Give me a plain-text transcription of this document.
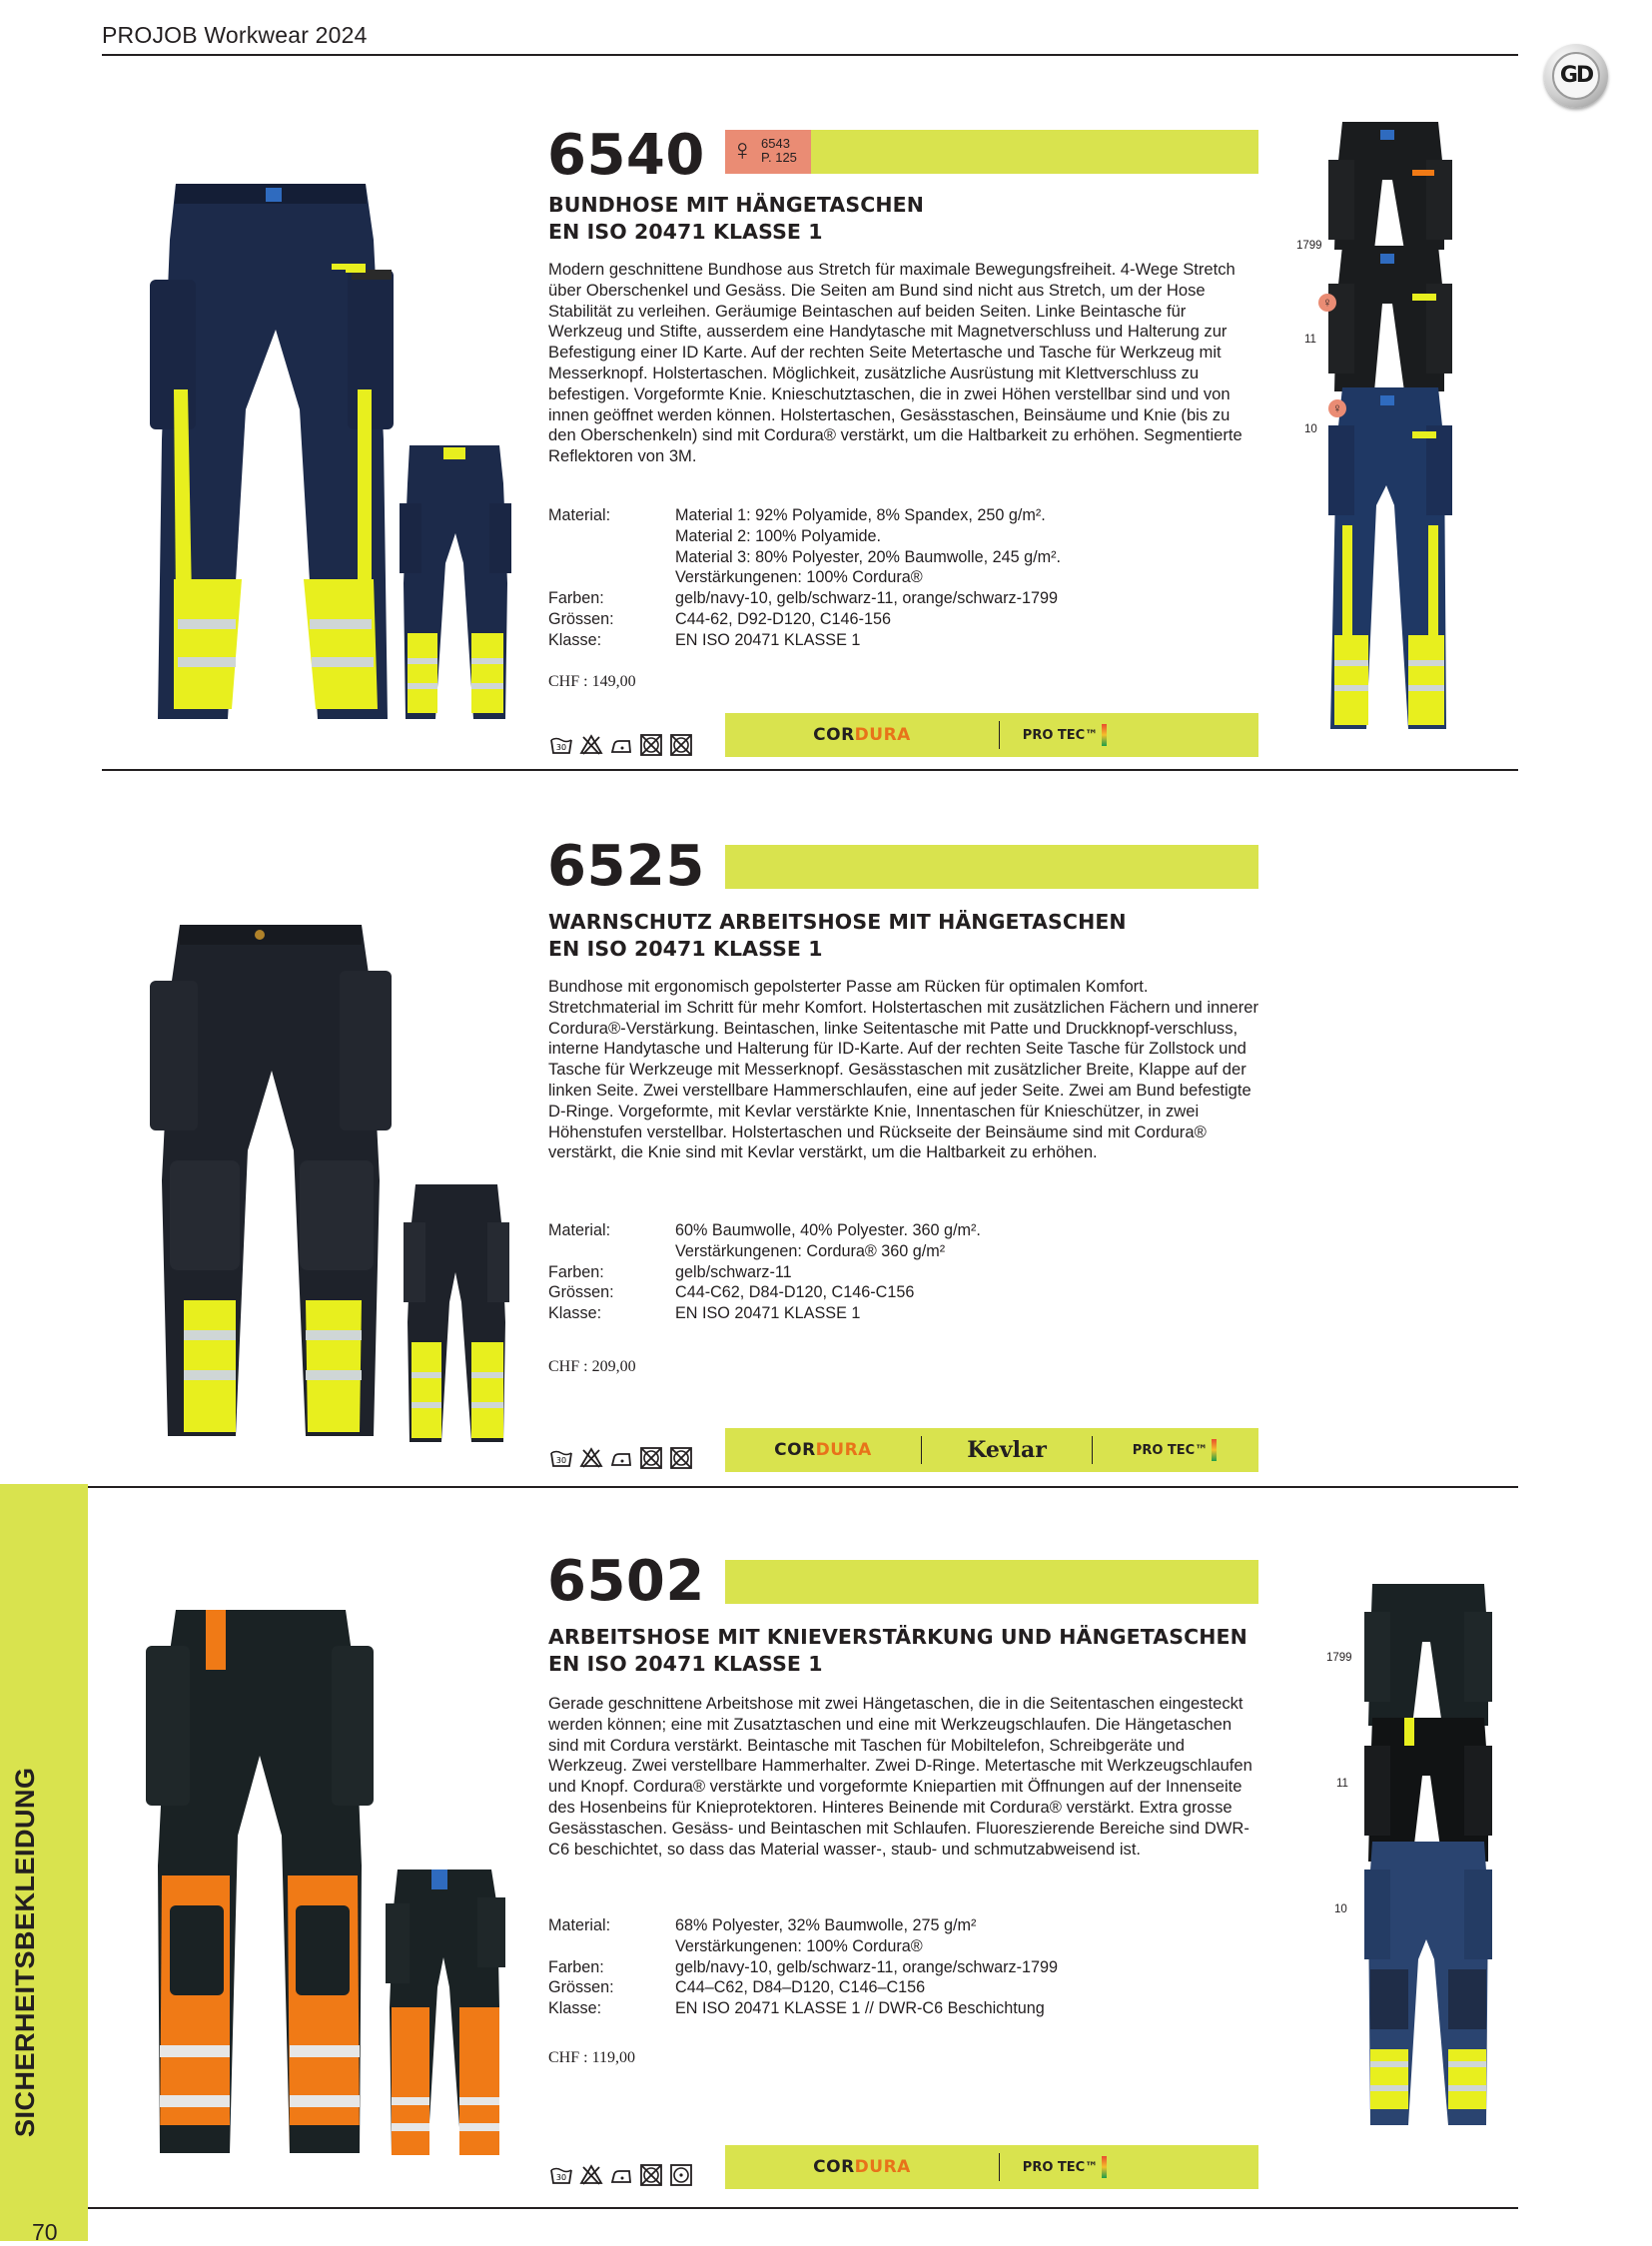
PROJOB Workwear 2024
GD
SICHERHEITSBEKLEIDUNG
70
6540 ♀ 6543
P. 125
BUNDHOSE MIT HÄNGETASCHEN
EN ISO 20471 KLASSE 1
Modern geschnittene Bundhose aus Stretch für maximale Bewegungsfreiheit. 4-Wege Stretch über Oberschenkel und Gesäss. Die Seiten am Bund sind nicht aus Stretch, um der Hose Stabilität zu verleihen. Geräumige Beintaschen auf beiden Seiten. Linke Beintasche für Werkzeug und Stifte, ausserdem eine Handytasche mit Magnetverschluss und Halterung zur Befestigung einer ID Karte. Auf der rechten Seite Metertasche und Tasche für Werkzeug mit Messerknopf. Holstertaschen. Möglichkeit, zusätzliche Ausrüstung mit Klettverschluss zu befestigen. Vorgeformte Knie. Knieschutztaschen, die in zwei Höhen verstellbar sind und von innen geöffnet werden können. Holstertaschen, Gesässtaschen, Beinsäume und Knie (bis zu den Oberschenkeln) sind mit Cordura® verstärkt, um die Haltbarkeit zu erhöhen. Segmentierte Reflektoren von 3M.
Material:	Material 1: 92% Polyamide, 8% Spandex, 250 g/m².
Material 2: 100% Polyamide.
Material 3: 80% Polyester, 20% Baumwolle, 245 g/m².
Verstärkungenen: 100% Cordura®
Farben:	gelb/navy-10, gelb/schwarz-11, orange/schwarz-1799
Grössen:	C44-62, D92-D120, C146-156
Klasse:	EN ISO 20471 KLASSE 1
CHF : 149,00
30
COR DURA	PRO TEC™
1799
♀
11
♀
10
6525
WARNSCHUTZ ARBEITSHOSE MIT HÄNGETASCHEN
EN ISO 20471 KLASSE 1
Bundhose mit ergonomisch gepolsterter Passe am Rücken für optimalen Komfort. Stretchmaterial im Schritt für mehr Komfort. Holstertaschen mit zusätzlichen Fächern und innerer Cordura®-Verstärkung. Beintaschen, linke Seitentasche mit Patte und Druckknopf-verschluss, interne Handytasche und Halterung für ID-Karte. Auf der rechten Seite Tasche für Zollstock und Tasche für Werkzeuge mit Messerknopf. Gesässtaschen mit zusätzlicher Breite, Klappe auf der linken Seite. Zwei verstellbare Hammerschlaufen, eine auf jeder Seite. Zwei am Bund befestigte D-Ringe. Vorgeformte, mit Kevlar verstärkte Knie, Innentaschen für Knieschützer, in zwei Höhenstufen verstellbar. Holstertaschen und Rückseite der Beinsäume sind mit Cordura® verstärkt, die Knie sind mit Kevlar verstärkt, um die Haltbarkeit zu erhöhen.
Material:	60% Baumwolle, 40% Polyester. 360 g/m².
Verstärkungenen: Cordura® 360 g/m²
Farben:	gelb/schwarz-11
Grössen:	C44-C62, D84-D120, C146-C156
Klasse:	EN ISO 20471 KLASSE 1
CHF : 209,00
30
COR DURA	Kevlar	PRO TEC™
6502
ARBEITSHOSE MIT KNIEVERSTÄRKUNG UND HÄNGETASCHEN
EN ISO 20471 KLASSE 1
Gerade geschnittene Arbeitshose mit zwei Hängetaschen, die in die Seitentaschen eingesteckt werden können; eine mit Zusatztaschen und eine mit Werkzeugschlaufen. Die Hängetaschen sind mit Cordura verstärkt. Beintasche mit Taschen für Mobiltelefon, Schreibgeräte und Werkzeug. Zwei verstellbare Hammerhalter. Zwei D-Ringe. Metertasche mit Werkzeugschlaufen und Knopf. Cordura® verstärkte und vorgeformte Kniepartien mit Öffnungen auf der Innenseite des Hosenbeins für Knieprotektoren. Hinteres Beinende mit Cordura® verstärkt. Extra grosse Gesässtaschen. Gesäss- und Beintaschen mit Schlaufen. Fluoreszierende Bereiche sind DWR-C6 beschichtet, so dass das Material wasser-, staub- und schmutzabweisend ist.
Material:	68% Polyester, 32% Baumwolle, 275 g/m²
Verstärkungenen: 100% Cordura®
Farben:	gelb/navy-10, gelb/schwarz-11, orange/schwarz-1799
Grössen:	C44–C62, D84–D120, C146–C156
Klasse:	EN ISO 20471 KLASSE 1 // DWR-C6 Beschichtung
CHF : 119,00
30
COR DURA	PRO TEC™
1799
11
10
